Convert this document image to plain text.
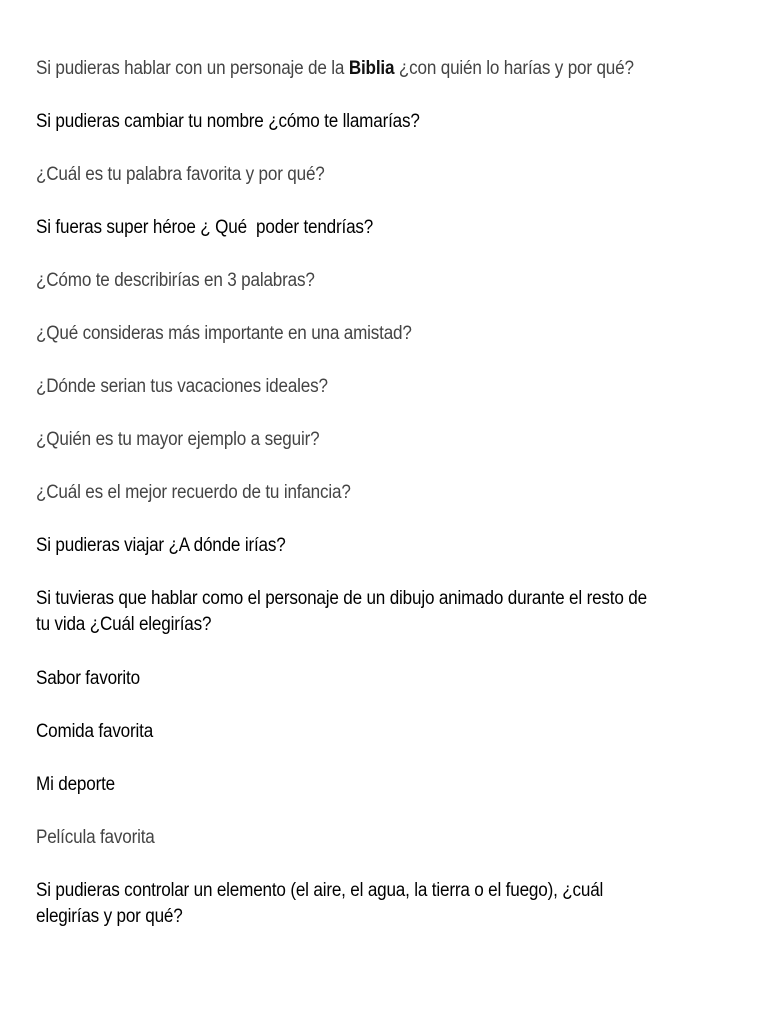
Si pudieras hablar con un personaje de la Biblia ¿con quién lo harías y por qué?

Si pudieras cambiar tu nombre ¿cómo te llamarías?

¿Cuál es tu palabra favorita y por qué?

Si fueras super héroe ¿ Qué  poder tendrías?

¿Cómo te describirías en 3 palabras?

¿Qué consideras más importante en una amistad?

¿Dónde serian tus vacaciones ideales?

¿Quién es tu mayor ejemplo a seguir?

¿Cuál es el mejor recuerdo de tu infancia?

Si pudieras viajar ¿A dónde irías?

Si tuvieras que hablar como el personaje de un dibujo animado durante el resto de
tu vida ¿Cuál elegirías?

Sabor favorito

Comida favorita

Mi deporte

Película favorita

Si pudieras controlar un elemento (el aire, el agua, la tierra o el fuego), ¿cuál
elegirías y por qué?
